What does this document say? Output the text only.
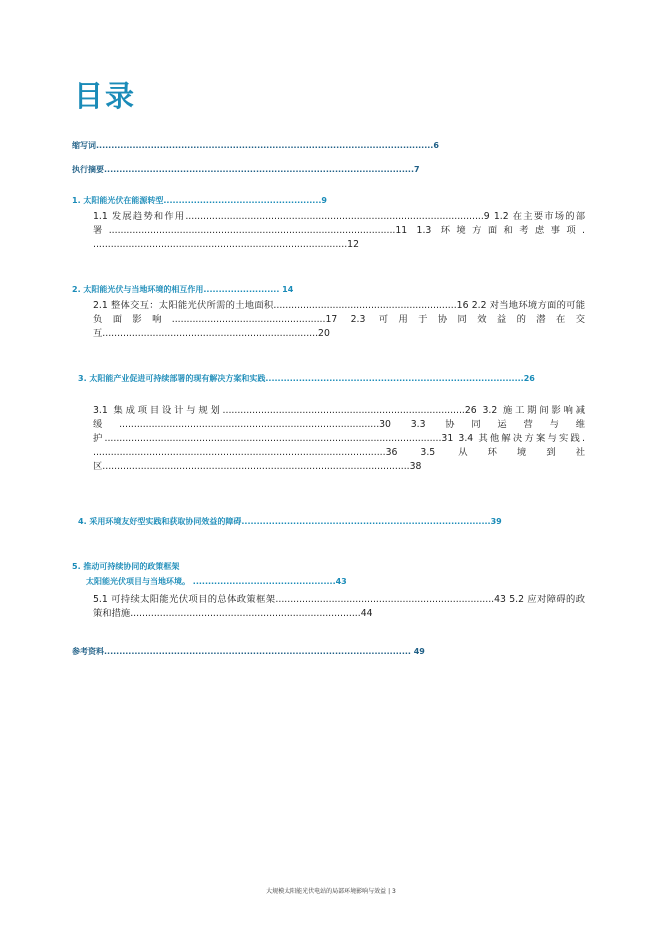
目录
缩写词...............................................................................................................6
执行摘要......................................................................................................7
1. 太阳能光伏在能源转型....................................................9
1.1 发展趋势和作用.....................................................................................................9 1.2 在主要市场的部署.................................................................................................11 1.3 环境方面和考虑事项. ......................................................................................12
2. 太阳能光伏与当地环境的相互作用......................... 14
2.1 整体交互：太阳能光伏所需的土地面积..............................................................16 2.2 对当地环境方面的可能负面影响....................................................17 2.3 可用于协同效益的潜在交互.........................................................................20
3. 太阳能产业促进可持续部署的现有解决方案和实践.....................................................................................26
3.1 集成项目设计与规划..................................................................................26 3.2 施工期间影响减缓........................................................................................30 3.3 协同运营与维护..................................................................................................................31 3.4 其他解决方案与实践. ...................................................................................................36 3.5 从环境到社区........................................................................................................38
4. 采用环境友好型实践和获取协同效益的障碍..................................................................................39
5. 推动可持续协同的政策框架
太阳能光伏项目与当地环境。 ...............................................43
5.1 可持续太阳能光伏项目的总体政策框架..........................................................................43 5.2 应对障碍的政策和措施..............................................................................44
参考资料..................................................................................................... 49
大规模太阳能光伏电站的局部环境影响与效益 | 3
